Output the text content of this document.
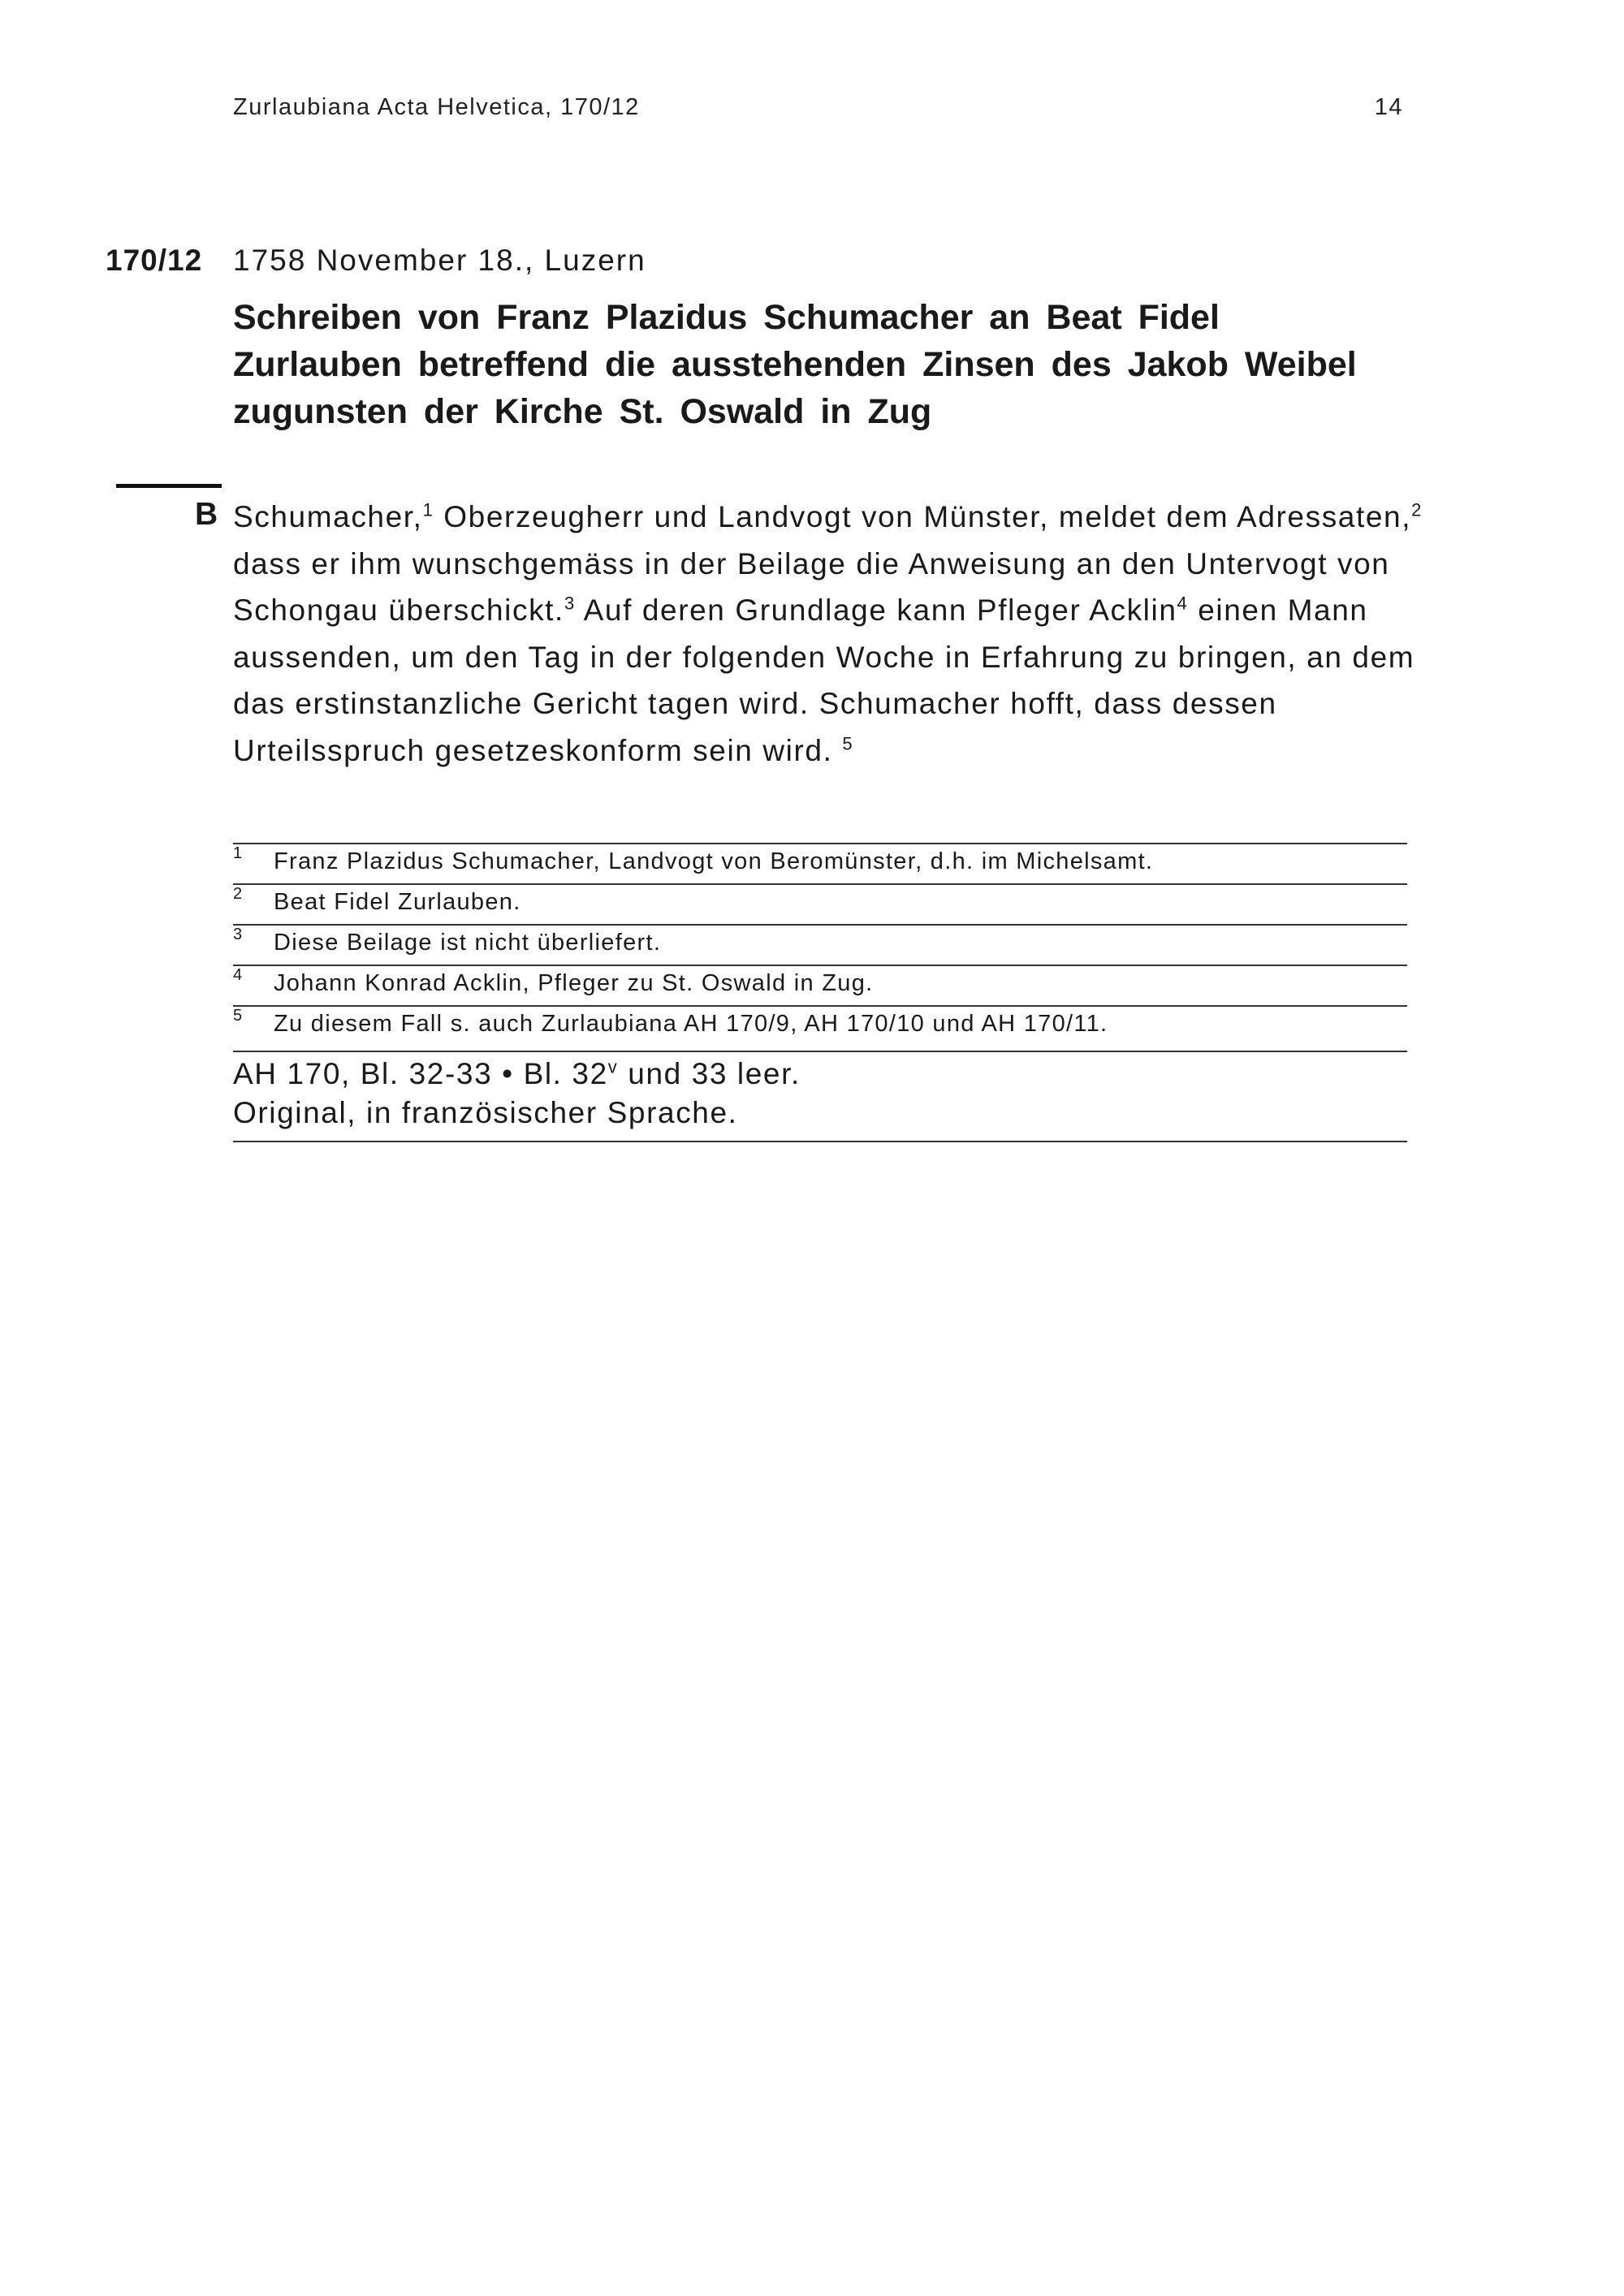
Zurlaubiana Acta Helvetica, 170/12	14
170/12 1758 November 18., Luzern
Schreiben von Franz Plazidus Schumacher an Beat Fidel Zurlauben betreffend die ausstehenden Zinsen des Jakob Weibel zugunsten der Kirche St. Oswald in Zug
B Schumacher,$^1$ Oberzeugherr und Landvogt von Münster, meldet dem Adressaten,$^2$ dass er ihm wunschgemäss in der Beilage die Anweisung an den Untervogt von Schongau überschickt.$^3$ Auf deren Grundlage kann Pfleger Acklin$^4$ einen Mann aussenden, um den Tag in der folgenden Woche in Erfahrung zu bringen, an dem das erstinstanzliche Gericht tagen wird. Schumacher hofft, dass dessen Urteilsspruch gesetzeskonform sein wird. $^5$

1 Franz Plazidus Schumacher, Landvogt von Beromünster, d.h. im Michelsamt.
2 Beat Fidel Zurlauben.
3 Diese Beilage ist nicht überliefert.
4 Johann Konrad Acklin, Pfleger zu St. Oswald in Zug.
5 Zu diesem Fall s. auch Zurlaubiana AH 170/9, AH 170/10 und AH 170/11.
AH 170, Bl. 32-33 • Bl. 32$^v$ und 33 leer.
Original, in französischer Sprache.
